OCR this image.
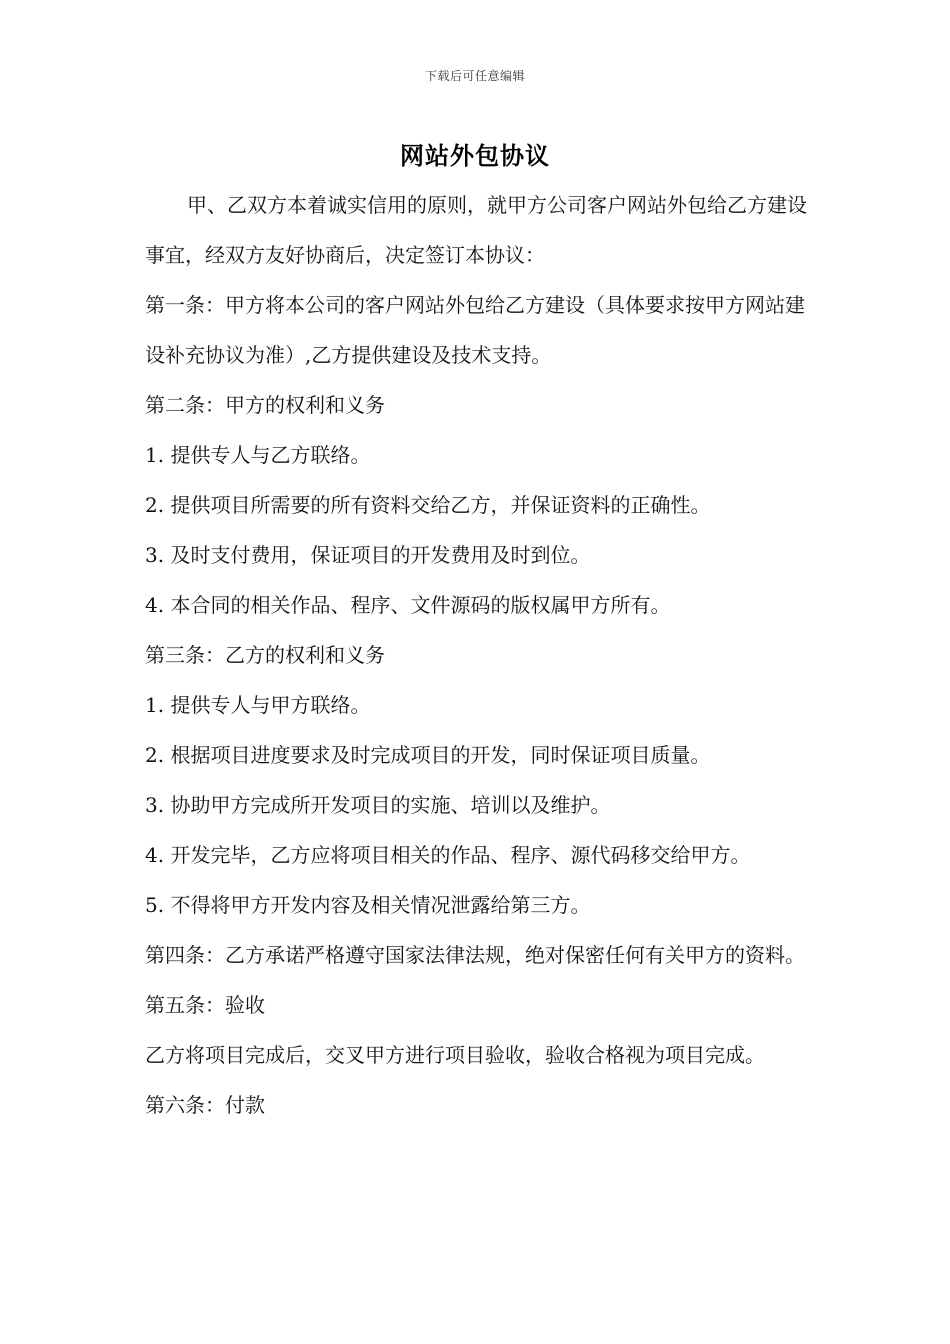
下载后可任意编辑
网站外包协议

甲、乙双方本着诚实信用的原则，就甲方公司客户网站外包给乙方建设事宜，经双方友好协商后，决定签订本协议：

第一条：甲方将本公司的客户网站外包给乙方建设（具体要求按甲方网站建设补充协议为准）,乙方提供建设及技术支持。

第二条：甲方的权利和义务

1. 提供专人与乙方联络。

2. 提供项目所需要的所有资料交给乙方，并保证资料的正确性。

3. 及时支付费用，保证项目的开发费用及时到位。

4. 本合同的相关作品、程序、文件源码的版权属甲方所有。

第三条：乙方的权利和义务

1. 提供专人与甲方联络。

2. 根据项目进度要求及时完成项目的开发，同时保证项目质量。

3. 协助甲方完成所开发项目的实施、培训以及维护。

4. 开发完毕，乙方应将项目相关的作品、程序、源代码移交给甲方。

5. 不得将甲方开发内容及相关情况泄露给第三方。

第四条：乙方承诺严格遵守国家法律法规，绝对保密任何有关甲方的资料。

第五条：验收

乙方将项目完成后，交叉甲方进行项目验收，验收合格视为项目完成。

第六条：付款
